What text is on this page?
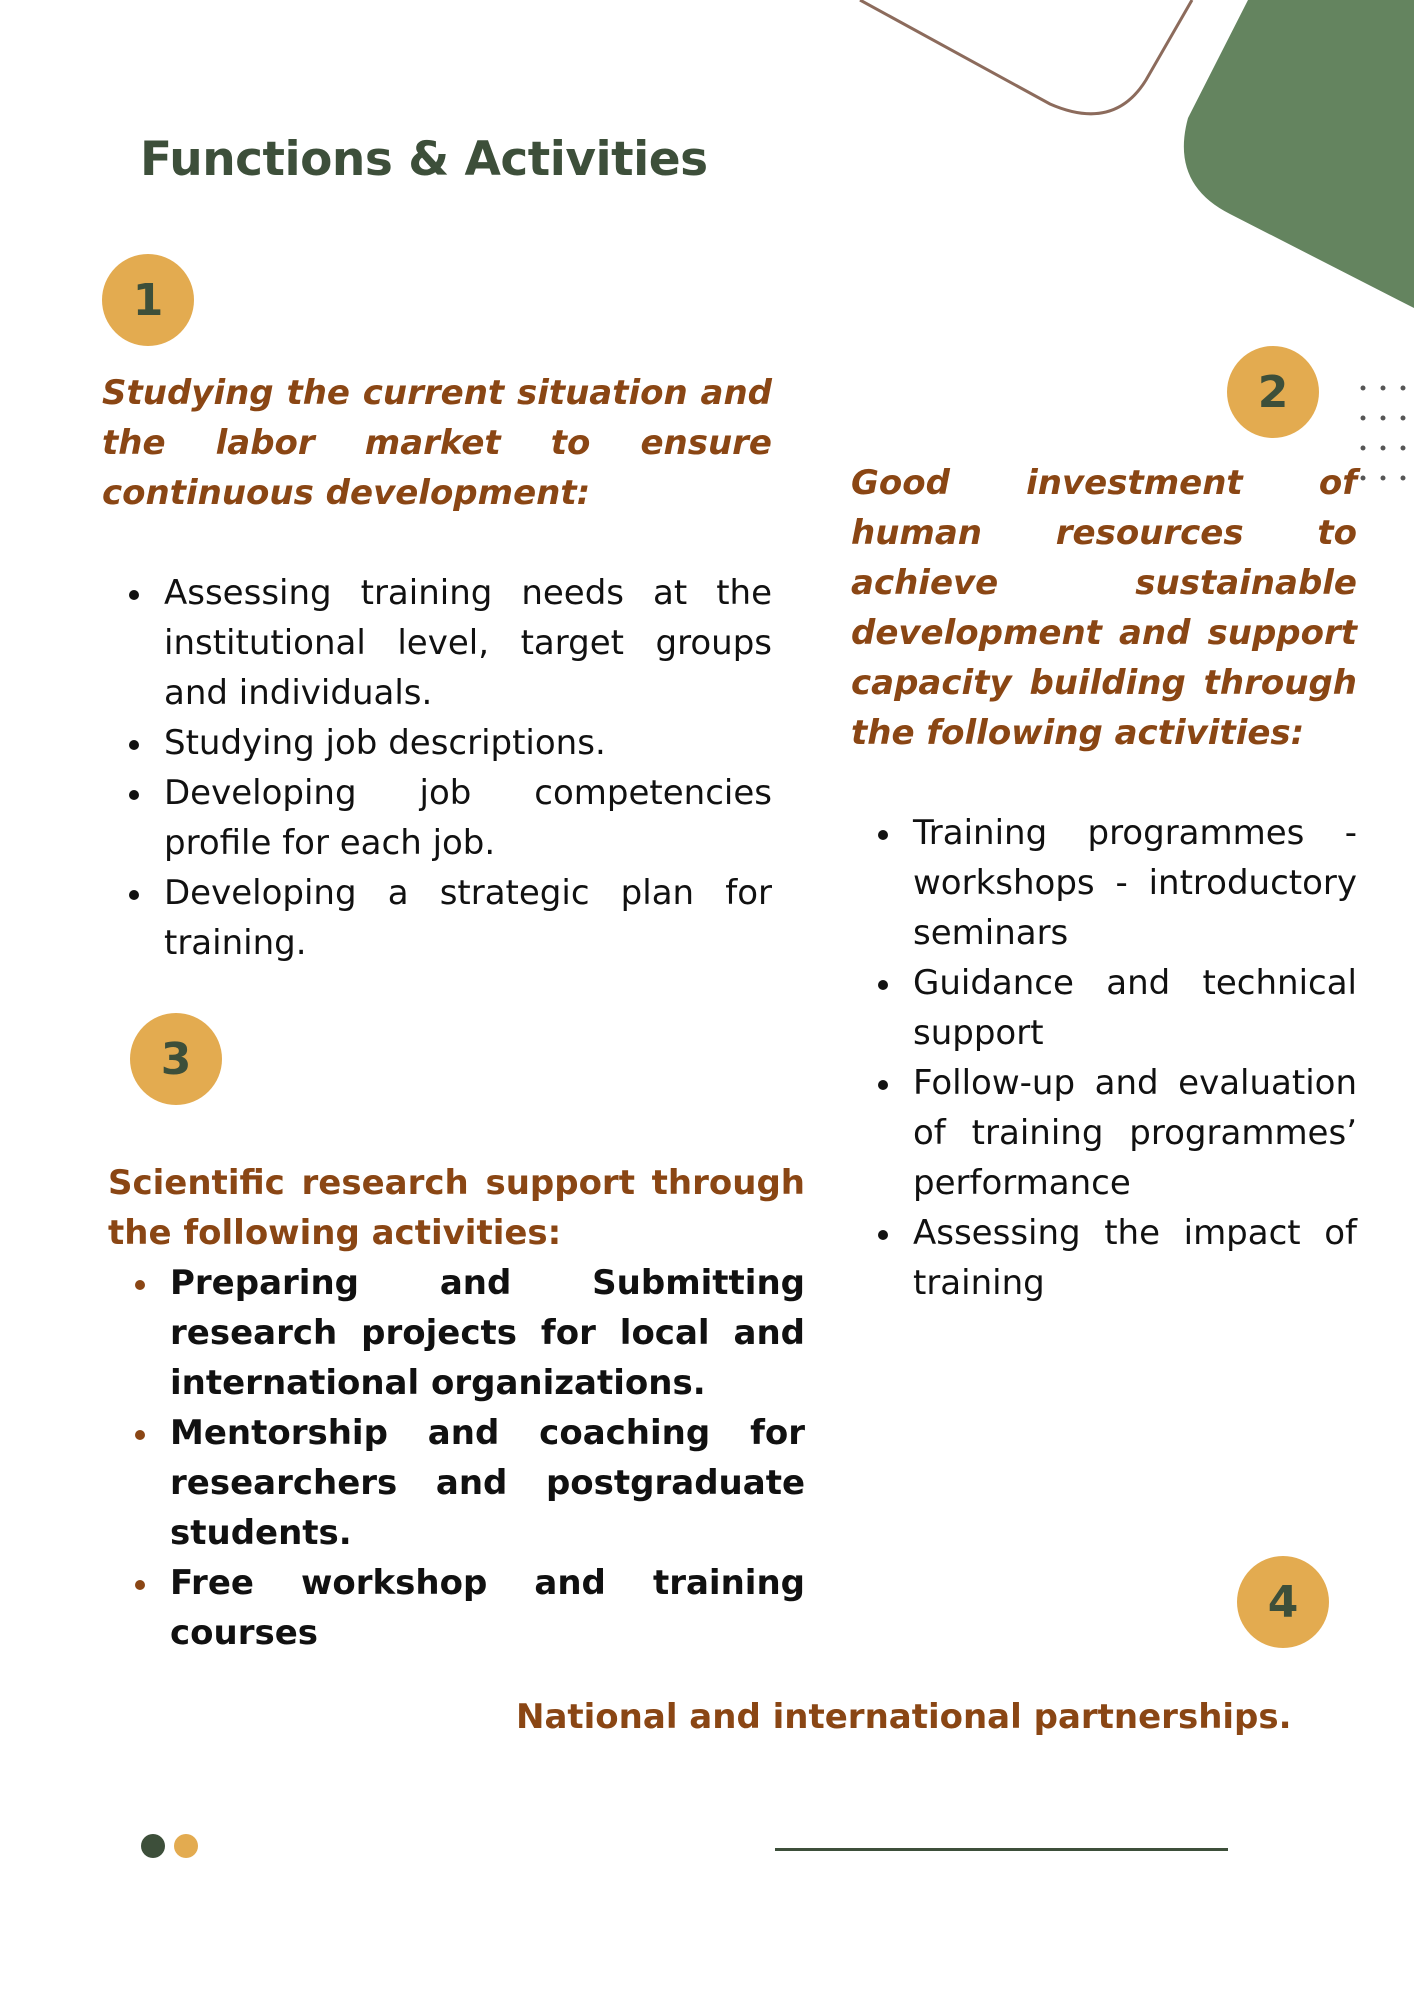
Functions & Activities
1

Studying the current situation and the labor market to ensure continuous development:

Assessing training needs at the institutional level, target groups and individuals.
Studying job descriptions.
Developing job competencies profile for each job.
Developing a strategic plan for training.
2

Good investment of human resources to achieve sustainable development and support capacity building through the following activities:

Training programmes - workshops - introductory seminars
Guidance and technical support
Follow-up and evaluation of training programmes’ performance
Assessing the impact of training
3

Scientific research support through the following activities:

Preparing and Submitting research projects for local and international organizations.
Mentorship and coaching for researchers and postgraduate students.
Free workshop and training courses
4

National and international partnerships.
